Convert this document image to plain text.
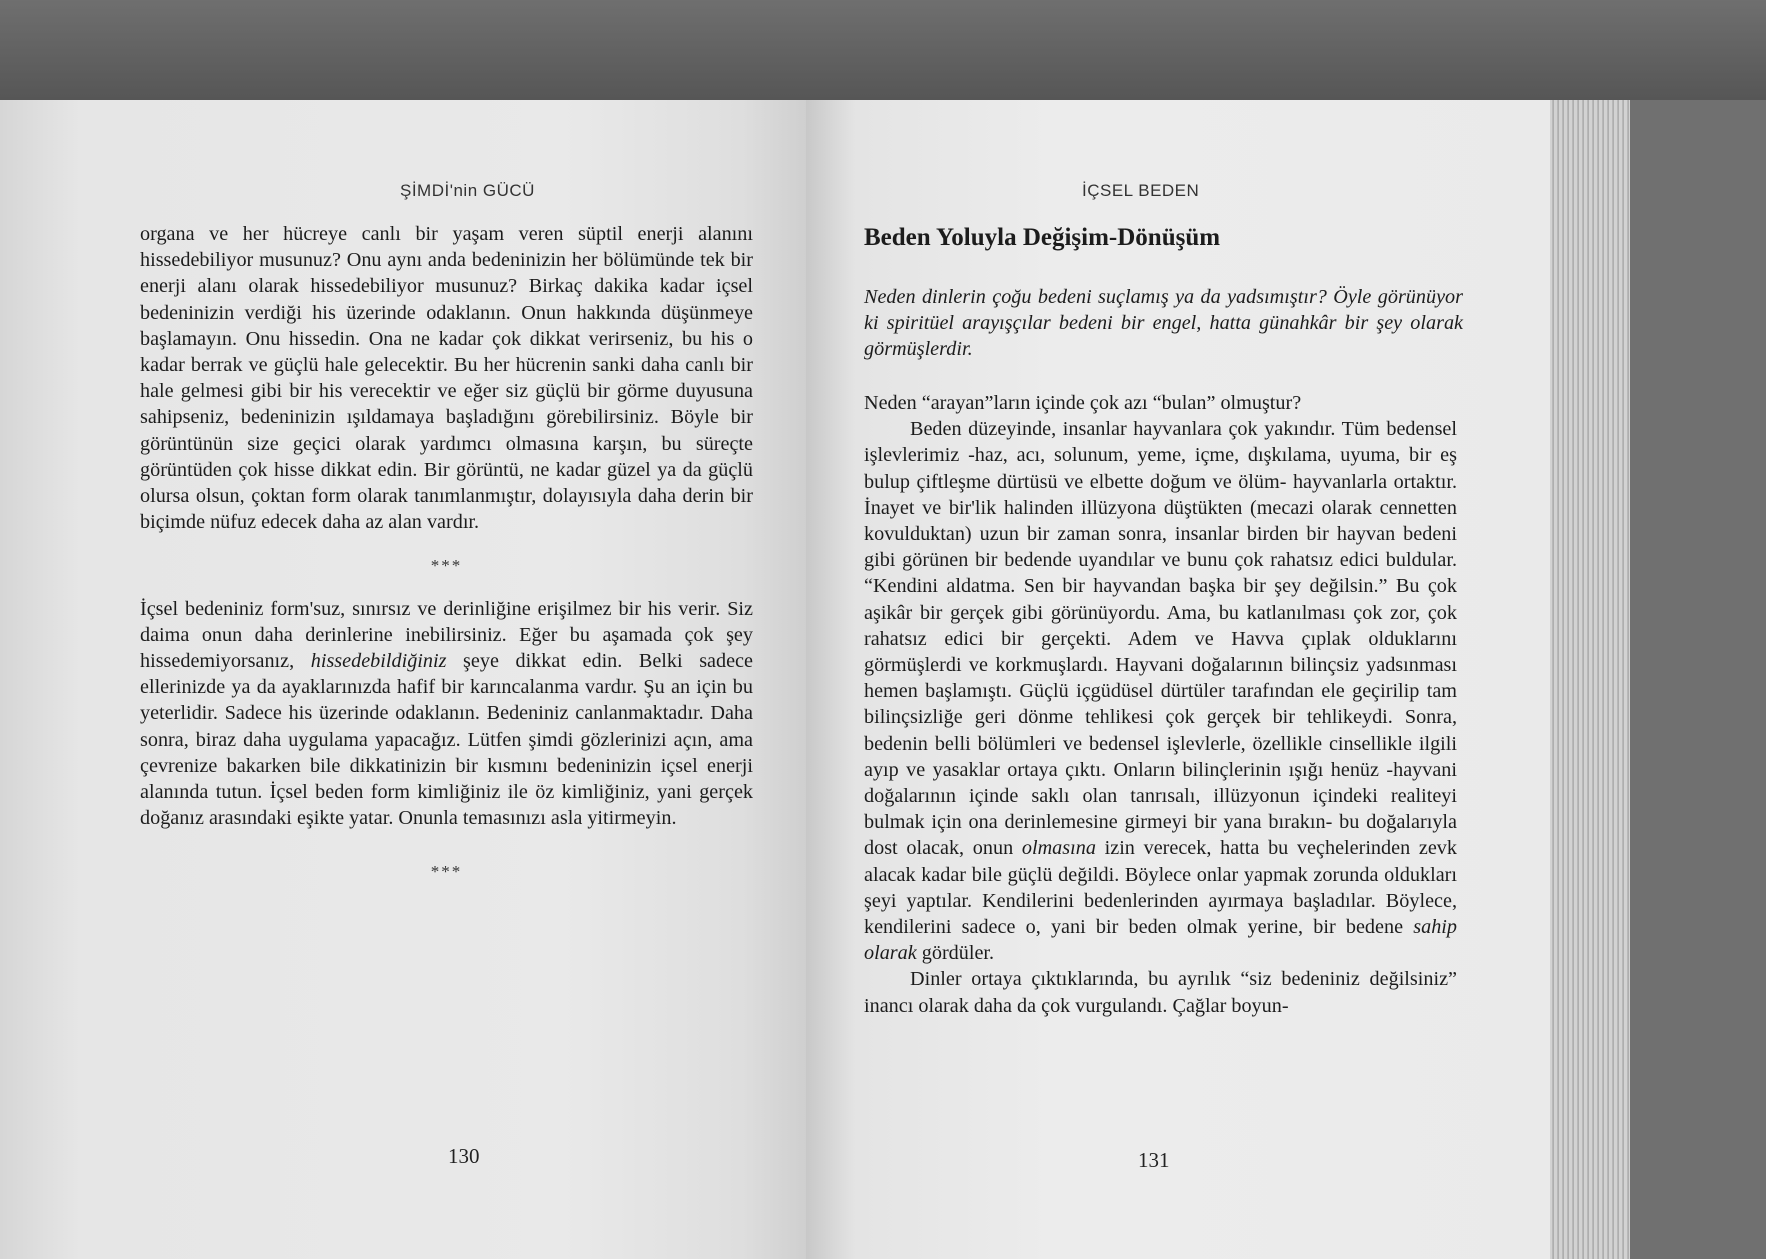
ŞİMDİ'nin GÜCÜ

organa ve her hücreye canlı bir yaşam veren süptil enerji alanını hissedebiliyor musunuz? Onu aynı anda bedeninizin her bölümünde tek bir enerji alanı olarak hissedebiliyor musunuz? Birkaç dakika kadar içsel bedeninizin verdiği his üzerinde odaklanın. Onun hakkında düşünmeye başlamayın. Onu hissedin. Ona ne kadar çok dikkat verirseniz, bu his o kadar berrak ve güçlü hale gelecektir. Bu her hücrenin sanki daha canlı bir hale gelmesi gibi bir his verecektir ve eğer siz güçlü bir görme duyusuna sahipseniz, bedeninizin ışıldamaya başladığını görebilirsiniz. Böyle bir görüntünün size geçici olarak yardımcı olmasına karşın, bu süreçte görüntüden çok hisse dikkat edin. Bir görüntü, ne kadar güzel ya da güçlü olursa olsun, çoktan form olarak tanımlanmıştır, dolayısıyla daha derin bir biçimde nüfuz edecek daha az alan vardır.

***

İçsel bedeniniz form'suz, sınırsız ve derinliğine erişilmez bir his verir. Siz daima onun daha derinlerine inebilirsiniz. Eğer bu aşamada çok şey hissedemiyorsanız, hissedebildiğiniz şeye dikkat edin. Belki sadece ellerinizde ya da ayaklarınızda hafif bir karıncalanma vardır. Şu an için bu yeterlidir. Sadece his üzerinde odaklanın. Bedeniniz canlanmaktadır. Daha sonra, biraz daha uygulama yapacağız. Lütfen şimdi gözlerinizi açın, ama çevrenize bakarken bile dikkatinizin bir kısmını bedeninizin içsel enerji alanında tutun. İçsel beden form kimliğiniz ile öz kimliğiniz, yani gerçek doğanız arasındaki eşikte yatar. Onunla temasınızı asla yitirmeyin.

***

130
İÇSEL BEDEN
Beden Yoluyla Değişim-Dönüşüm

Neden dinlerin çoğu bedeni suçlamış ya da yadsımıştır? Öyle görünüyor ki spiritüel arayışçılar bedeni bir engel, hatta günahkâr bir şey olarak görmüşlerdir.

Neden “arayan”ların içinde çok azı “bulan” olmuştur?

Beden düzeyinde, insanlar hayvanlara çok yakındır. Tüm bedensel işlevlerimiz -haz, acı, solunum, yeme, içme, dışkılama, uyuma, bir eş bulup çiftleşme dürtüsü ve elbette doğum ve ölüm- hayvanlarla ortaktır. İnayet ve bir'lik halinden illüzyona düştükten (mecazi olarak cennetten kovulduktan) uzun bir zaman sonra, insanlar birden bir hayvan bedeni gibi görünen bir bedende uyandılar ve bunu çok rahatsız edici buldular. “Kendini aldatma. Sen bir hayvandan başka bir şey değilsin.” Bu çok aşikâr bir gerçek gibi görünüyordu. Ama, bu katlanılması çok zor, çok rahatsız edici bir gerçekti. Adem ve Havva çıplak olduklarını görmüşlerdi ve korkmuşlardı. Hayvani doğalarının bilinçsiz yadsınması hemen başlamıştı. Güçlü içgüdüsel dürtüler tarafından ele geçirilip tam bilinçsizliğe geri dönme tehlikesi çok gerçek bir tehlikeydi. Sonra, bedenin belli bölümleri ve bedensel işlevlerle, özellikle cinsellikle ilgili ayıp ve yasaklar ortaya çıktı. Onların bilinçlerinin ışığı henüz -hayvani doğalarının içinde saklı olan tanrısalı, illüzyonun içindeki realiteyi bulmak için ona derinlemesine girmeyi bir yana bırakın- bu doğalarıyla dost olacak, onun olmasına izin verecek, hatta bu veçhelerinden zevk alacak kadar bile güçlü değildi. Böylece onlar yapmak zorunda oldukları şeyi yaptılar. Kendilerini bedenlerinden ayırmaya başladılar. Böylece, kendilerini sadece o, yani bir beden olmak yerine, bir bedene sahip olarak gördüler.

Dinler ortaya çıktıklarında, bu ayrılık “siz bedeniniz değilsiniz” inancı olarak daha da çok vurgulandı. Çağlar boyun-

131
